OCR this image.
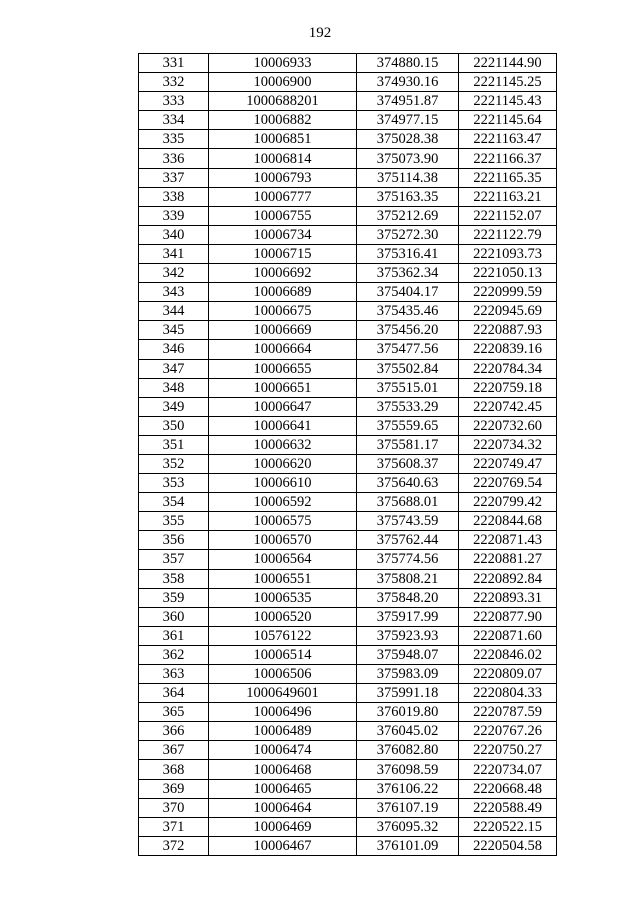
192
331	10006933	374880.15	2221144.90
332	10006900	374930.16	2221145.25
333	1000688201	374951.87	2221145.43
334	10006882	374977.15	2221145.64
335	10006851	375028.38	2221163.47
336	10006814	375073.90	2221166.37
337	10006793	375114.38	2221165.35
338	10006777	375163.35	2221163.21
339	10006755	375212.69	2221152.07
340	10006734	375272.30	2221122.79
341	10006715	375316.41	2221093.73
342	10006692	375362.34	2221050.13
343	10006689	375404.17	2220999.59
344	10006675	375435.46	2220945.69
345	10006669	375456.20	2220887.93
346	10006664	375477.56	2220839.16
347	10006655	375502.84	2220784.34
348	10006651	375515.01	2220759.18
349	10006647	375533.29	2220742.45
350	10006641	375559.65	2220732.60
351	10006632	375581.17	2220734.32
352	10006620	375608.37	2220749.47
353	10006610	375640.63	2220769.54
354	10006592	375688.01	2220799.42
355	10006575	375743.59	2220844.68
356	10006570	375762.44	2220871.43
357	10006564	375774.56	2220881.27
358	10006551	375808.21	2220892.84
359	10006535	375848.20	2220893.31
360	10006520	375917.99	2220877.90
361	10576122	375923.93	2220871.60
362	10006514	375948.07	2220846.02
363	10006506	375983.09	2220809.07
364	1000649601	375991.18	2220804.33
365	10006496	376019.80	2220787.59
366	10006489	376045.02	2220767.26
367	10006474	376082.80	2220750.27
368	10006468	376098.59	2220734.07
369	10006465	376106.22	2220668.48
370	10006464	376107.19	2220588.49
371	10006469	376095.32	2220522.15
372	10006467	376101.09	2220504.58
